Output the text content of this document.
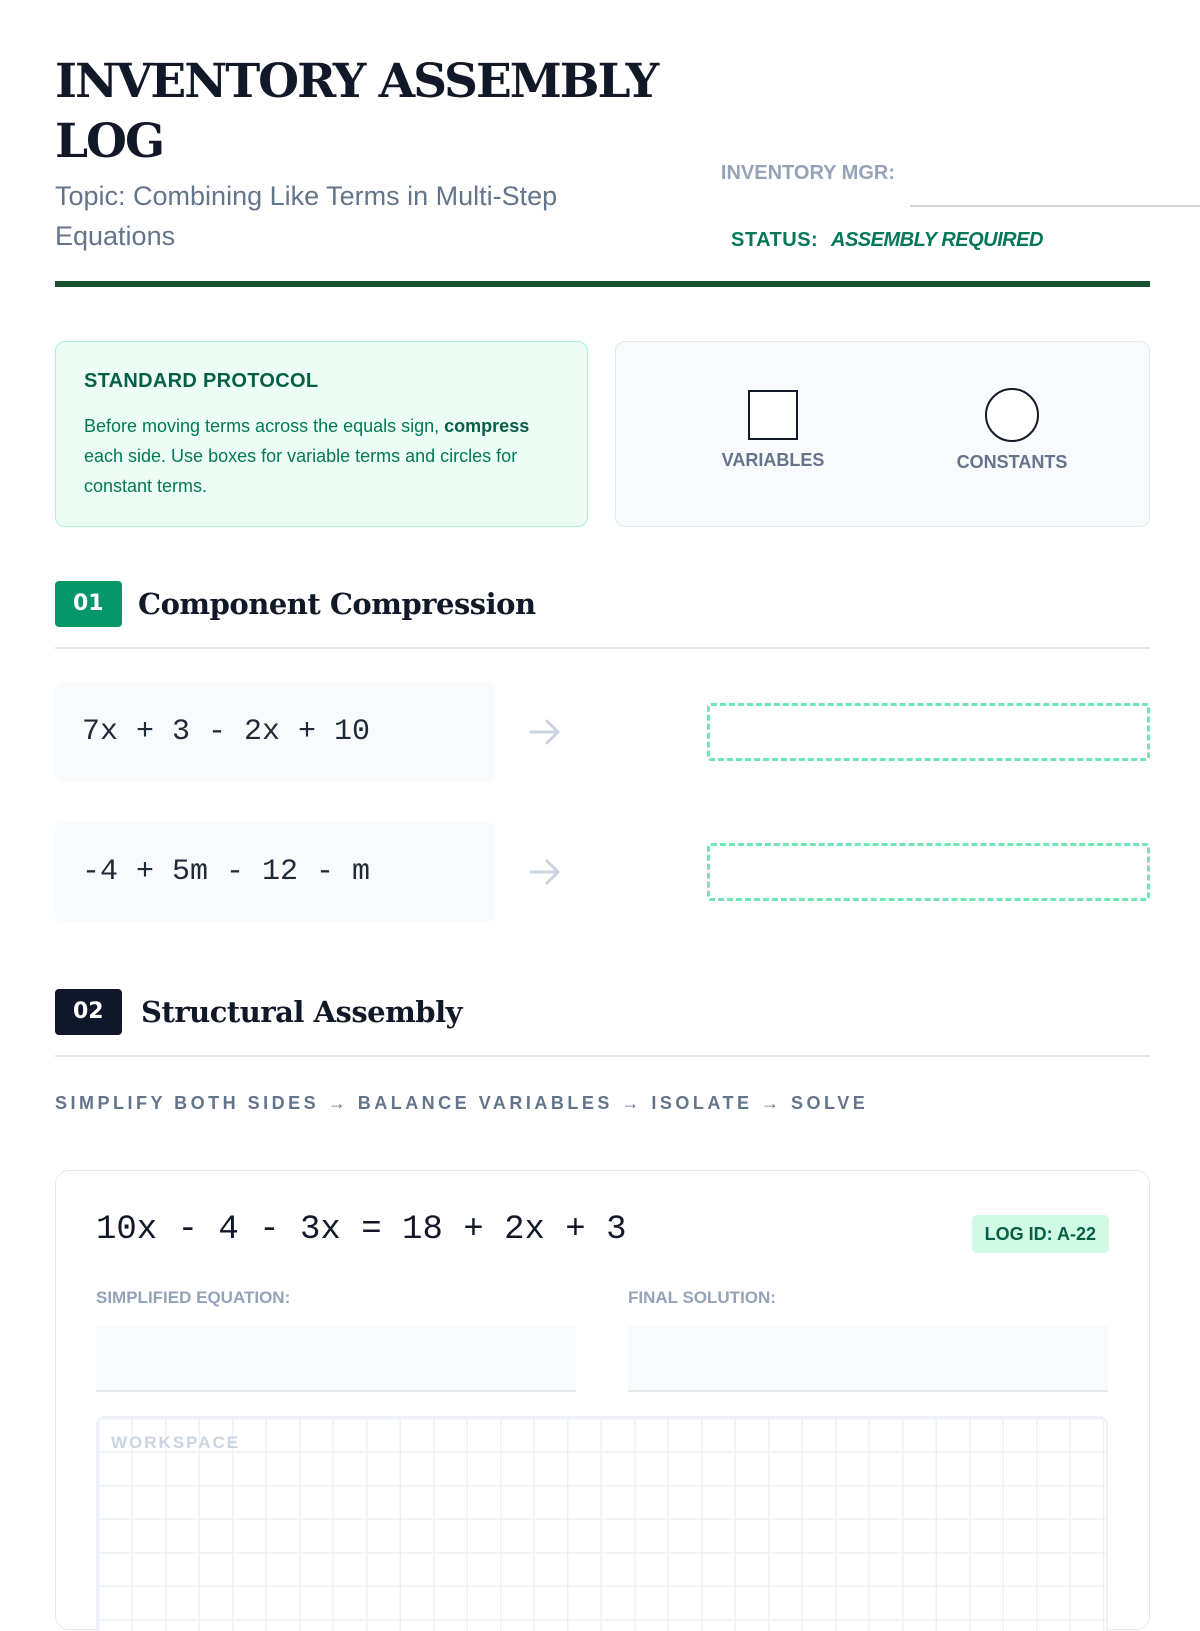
INVENTORY ASSEMBLY LOG
Topic: Combining Like Terms in Multi-Step Equations
INVENTORY MGR:
STATUS: ASSEMBLY REQUIRED
STANDARD PROTOCOL
Before moving terms across the equals sign, compress each side. Use boxes for variable terms and circles for constant terms.
VARIABLES	CONSTANTS
01	Component Compression
7x + 3 - 2x + 10
-4 + 5m - 12 - m
02	Structural Assembly
SIMPLIFY BOTH SIDES → BALANCE VARIABLES → ISOLATE → SOLVE
10x - 4 - 3x = 18 + 2x + 3	LOG ID: A-22
SIMPLIFIED EQUATION:	FINAL SOLUTION:
WORKSPACE
